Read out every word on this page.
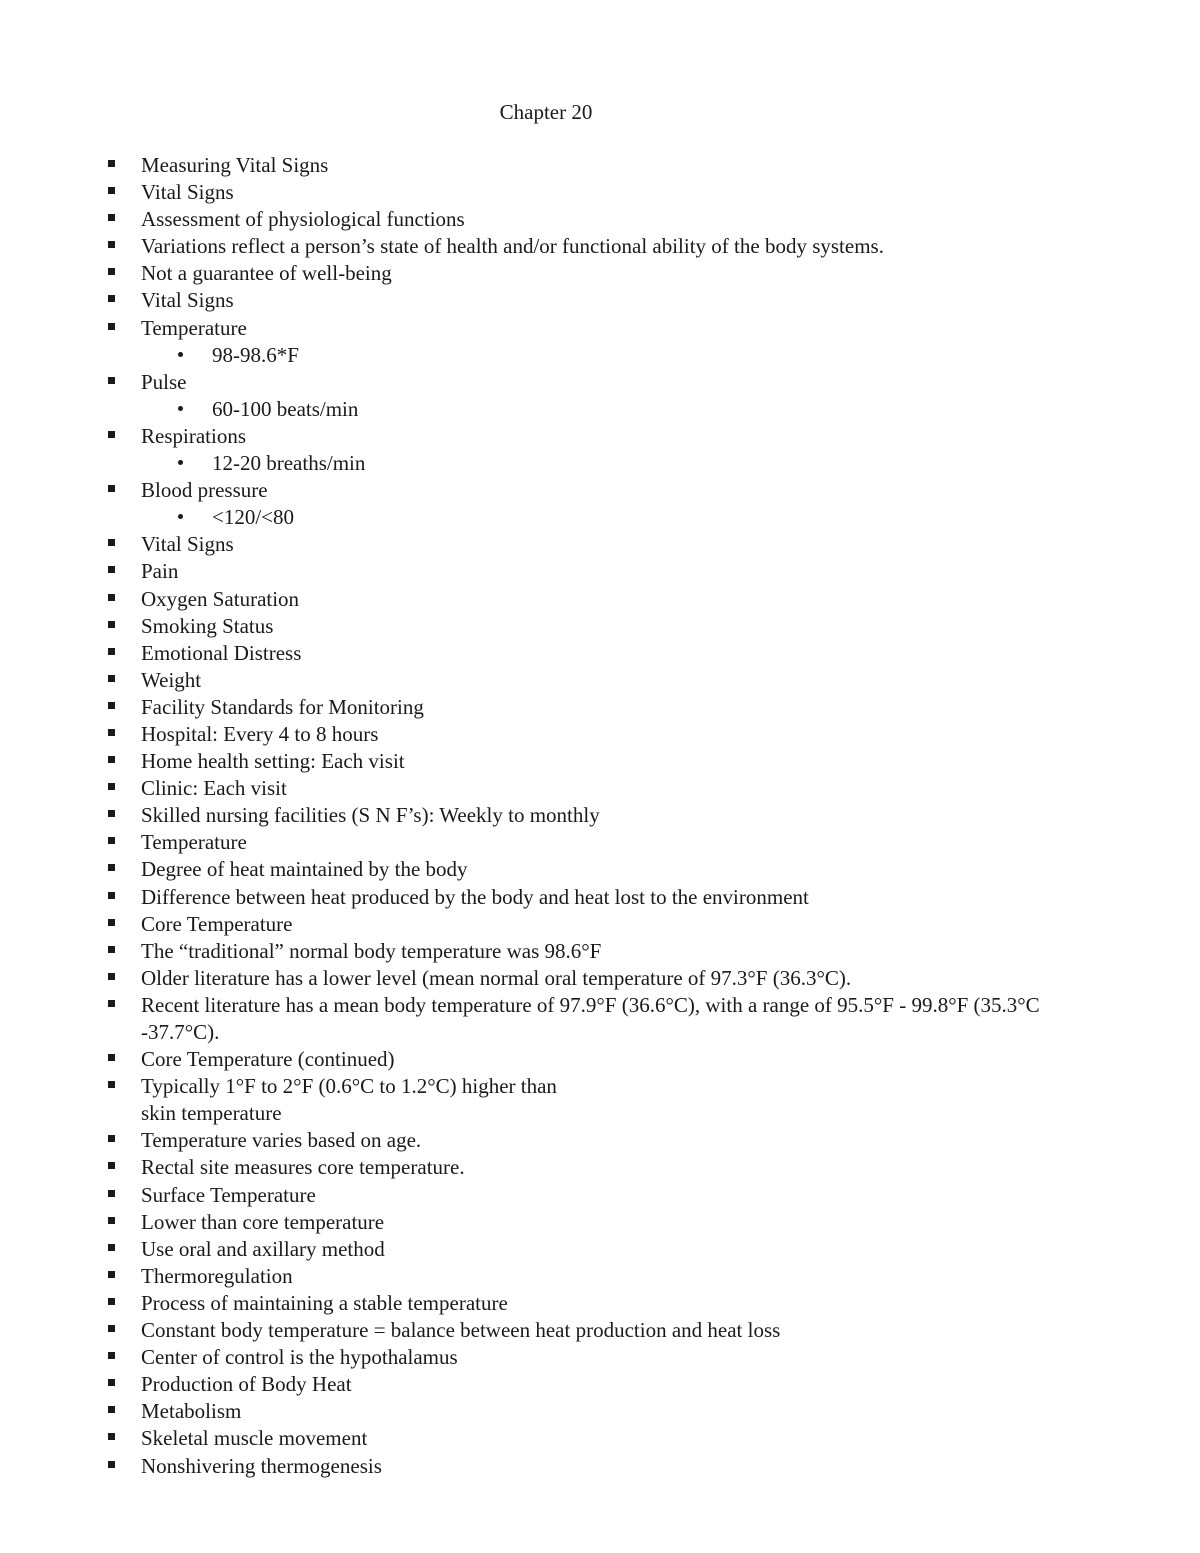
Chapter 20
Measuring Vital Signs
Vital Signs
Assessment of physiological functions
Variations reflect a person’s state of health and/or functional ability of the body systems.
Not a guarantee of well-being
Vital Signs
Temperature
98-98.6*F
Pulse
60-100 beats/min
Respirations
12-20 breaths/min
Blood pressure
<120/<80
Vital Signs
Pain
Oxygen Saturation
Smoking Status
Emotional Distress
Weight
Facility Standards for Monitoring
Hospital: Every 4 to 8 hours
Home health setting: Each visit
Clinic: Each visit
Skilled nursing facilities (S N F’s): Weekly to monthly
Temperature
Degree of heat maintained by the body
Difference between heat produced by the body and heat lost to the environment
Core Temperature
The “traditional” normal body temperature was 98.6°F
Older literature has a lower level (mean normal oral temperature of 97.3°F (36.3°C).
Recent literature has a mean body temperature of 97.9°F (36.6°C), with a range of 95.5°F - 99.8°F (35.3°C -37.7°C).
Core Temperature (continued)
Typically 1°F to 2°F (0.6°C to 1.2°C) higher than
skin temperature
Temperature varies based on age.
Rectal site measures core temperature.
Surface Temperature
Lower than core temperature
Use oral and axillary method
Thermoregulation
Process of maintaining a stable temperature
Constant body temperature = balance between heat production and heat loss
Center of control is the hypothalamus
Production of Body Heat
Metabolism
Skeletal muscle movement
Nonshivering thermogenesis
